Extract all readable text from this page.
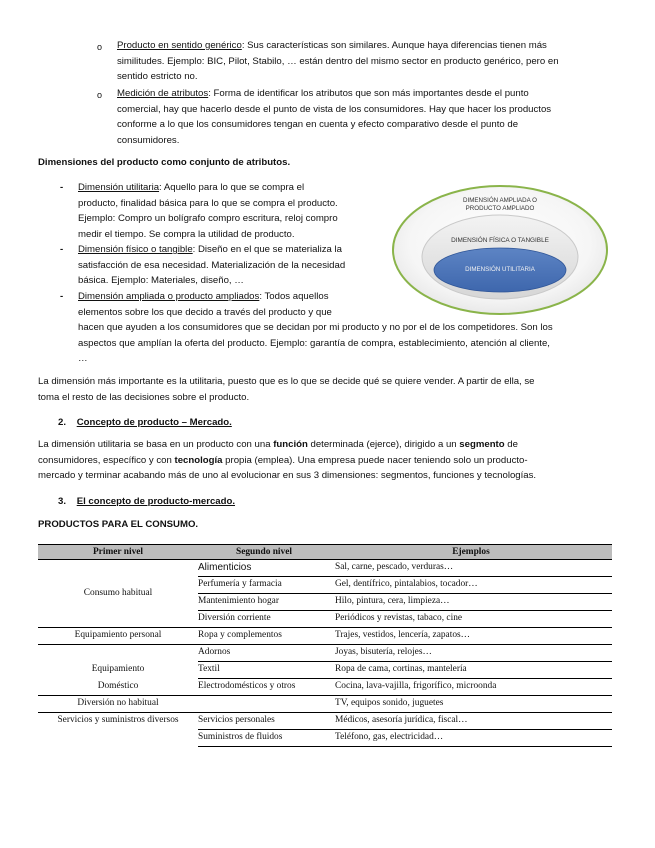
o Producto en sentido genérico: Sus características son similares. Aunque haya diferencias tienen más

similitudes. Ejemplo: BIC, Pilot, Stabilo, … están dentro del mismo sector en producto genérico, pero en

sentido estricto no.

o Medición de atributos: Forma de identificar los atributos que son más importantes desde el punto

comercial, hay que hacerlo desde el punto de vista de los consumidores. Hay que hacer los productos

conforme a lo que los consumidores tengan en cuenta y efecto comparativo desde el punto de

consumidores.

Dimensiones del producto como conjunto de atributos.
- Dimensión utilitaria: Aquello para lo que se compra el

producto, finalidad básica para lo que se compra el producto.

Ejemplo: Compro un bolígrafo compro escritura, reloj compro

medir el tiempo. Se compra la utilidad de producto.

- Dimensión físico o tangible: Diseño en el que se materializa la

satisfacción de esa necesidad. Materialización de la necesidad

básica. Ejemplo: Materiales, diseño, …

- Dimensión ampliada o producto ampliados: Todos aquellos

elementos sobre los que decido a través del producto y que

hacen que ayuden a los consumidores que se decidan por mi producto y no por el de los competidores. Son los

aspectos que amplían la oferta del producto. Ejemplo: garantía de compra, establecimiento, atención al cliente,

…

DIMENSIÓN AMPLIADA O PRODUCTO AMPLIADO
DIMENSIÓN FÍSICA O TANGIBLE
DIMENSIÓN UTILITARIA

La dimensión más importante es la utilitaria, puesto que es lo que se decide qué se quiere vender. A partir de ella, se

toma el resto de las decisiones sobre el producto.

2. Concepto de producto – Mercado.

La dimensión utilitaria se basa en un producto con una función determinada (ejerce), dirigido a un segmento de

consumidores, específico y con tecnología propia (emplea). Una empresa puede nacer teniendo solo un producto-

mercado y terminar acabando más de uno al evolucionar en sus 3 dimensiones: segmentos, funciones y tecnologías.

3. El concepto de producto-mercado.
PRODUCTOS PARA EL CONSUMO.
Primer nivel	Segundo nivel	Ejemplos
Consumo habitual	Alimenticios	Sal, carne, pescado, verduras…
	Perfumería y farmacia	Gel, dentífrico, pintalabios, tocador…
	Mantenimiento hogar	Hilo, pintura, cera, limpieza…
	Diversión corriente	Periódicos y revistas, tabaco, cine

Equipamiento personal	Ropa y complementos	Trajes, vestidos, lencería, zapatos…
	Adornos	Joyas, bisutería, relojes…
Equipamiento	Textil	Ropa de cama, cortinas, mantelería
Doméstico	Electrodomésticos y otros	Cocina, lava-vajilla, frigorífico, microonda
Diversión no habitual		TV, equipos sonido, juguetes
Servicios y suministros diversos	Servicios personales	Médicos, asesoría jurídica, fiscal…
	Suministros de fluidos	Teléfono, gas, electricidad…
